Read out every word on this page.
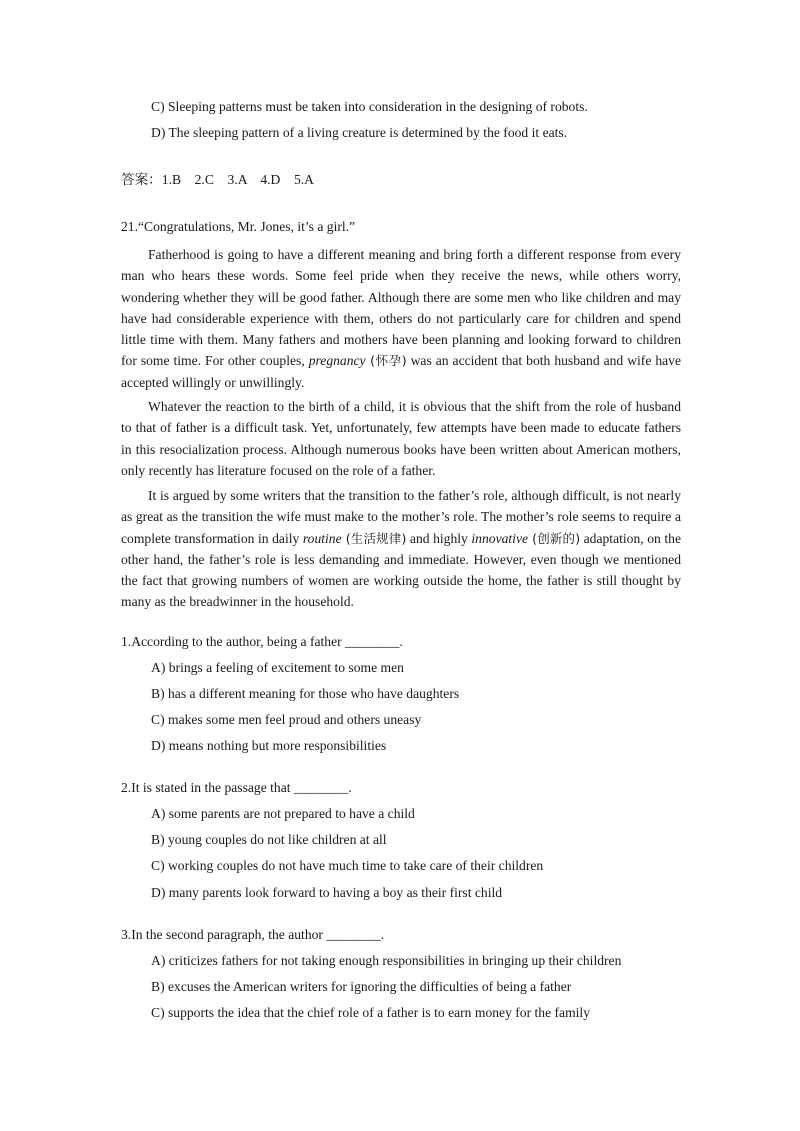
C) Sleeping patterns must be taken into consideration in the designing of robots.
D) The sleeping pattern of a living creature is determined by the food it eats.
答案：1.B    2.C    3.A    4.D    5.A
21.“Congratulations, Mr. Jones, it’s a girl.”

Fatherhood is going to have a different meaning and bring forth a different response from every man who hears these words. Some feel pride when they receive the news, while others worry, wondering whether they will be good father. Although there are some men who like children and may have had considerable experience with them, others do not particularly care for children and spend little time with them. Many fathers and mothers have been planning and looking forward to children for some time. For other couples, pregnancy (怀孕) was an accident that both husband and wife have accepted willingly or unwillingly.

Whatever the reaction to the birth of a child, it is obvious that the shift from the role of husband to that of father is a difficult task. Yet, unfortunately, few attempts have been made to educate fathers in this resocialization process. Although numerous books have been written about American mothers, only recently has literature focused on the role of a father.

It is argued by some writers that the transition to the father’s role, although difficult, is not nearly as great as the transition the wife must make to the mother’s role. The mother’s role seems to require a complete transformation in daily routine (生活规律) and highly innovative (创新的) adaptation, on the other hand, the father’s role is less demanding and immediate. However, even though we mentioned the fact that growing numbers of women are working outside the home, the father is still thought by many as the breadwinner in the household.

1.According to the author, being a father ________.
A) brings a feeling of excitement to some men
B) has a different meaning for those who have daughters
C) makes some men feel proud and others uneasy
D) means nothing but more responsibilities
2.It is stated in the passage that ________.
A) some parents are not prepared to have a child
B) young couples do not like children at all
C) working couples do not have much time to take care of their children
D) many parents look forward to having a boy as their first child
3.In the second paragraph, the author ________.
A) criticizes fathers for not taking enough responsibilities in bringing up their children
B) excuses the American writers for ignoring the difficulties of being a father
C) supports the idea that the chief role of a father is to earn money for the family
